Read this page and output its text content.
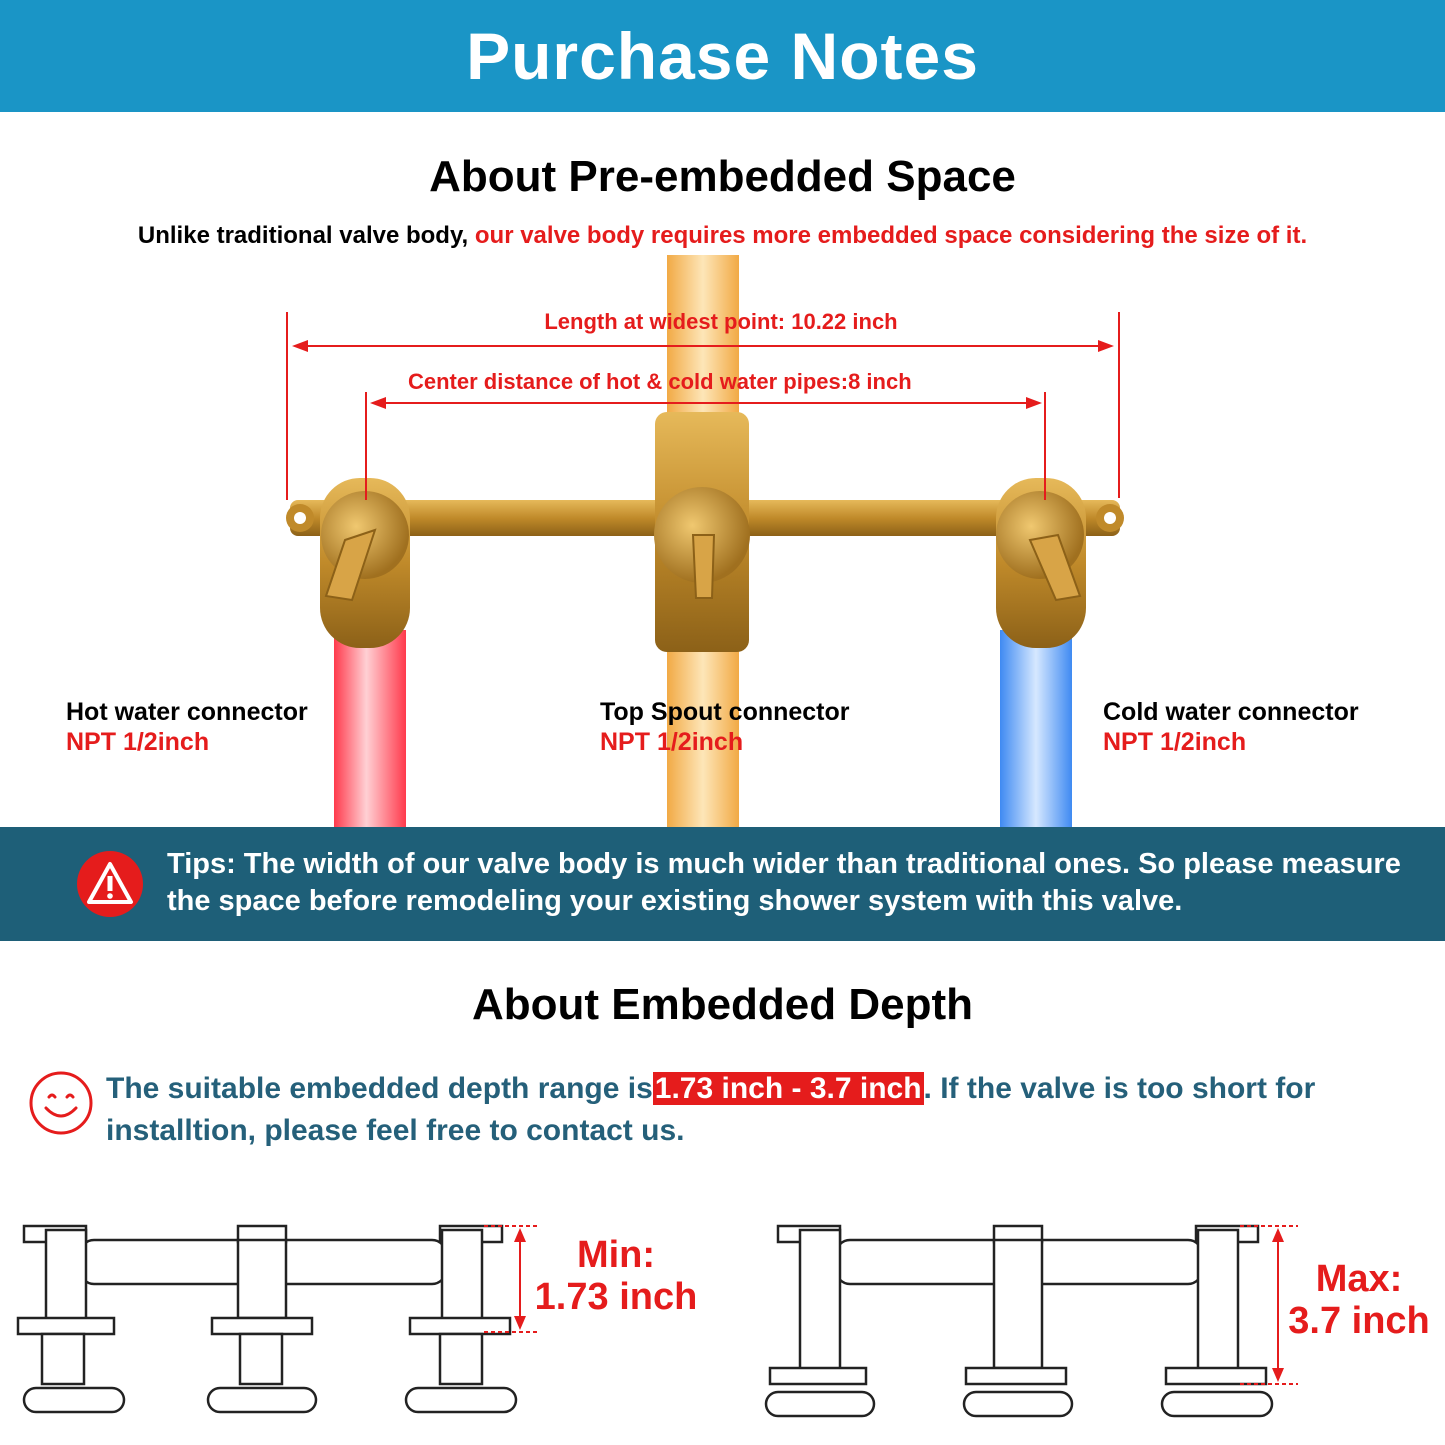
Purchase Notes
About Pre-embedded Space
Unlike traditional valve body, our valve body requires more embedded space considering the size of it.
Length at widest point: 10.22 inch
Center distance of hot & cold water pipes:8 inch
Hot water connector
NPT 1/2inch
Top Spout connector
NPT 1/2inch
Cold water connector
NPT 1/2inch
Tips: The width of our valve body is much wider than traditional ones. So please measure the space before remodeling your existing shower system with this valve.
About Embedded Depth
The suitable embedded depth range is1.73 inch - 3.7 inch. If the valve is too short for installtion, please feel free to contact us.
Min:
1.73 inch	Max:
3.7 inch
